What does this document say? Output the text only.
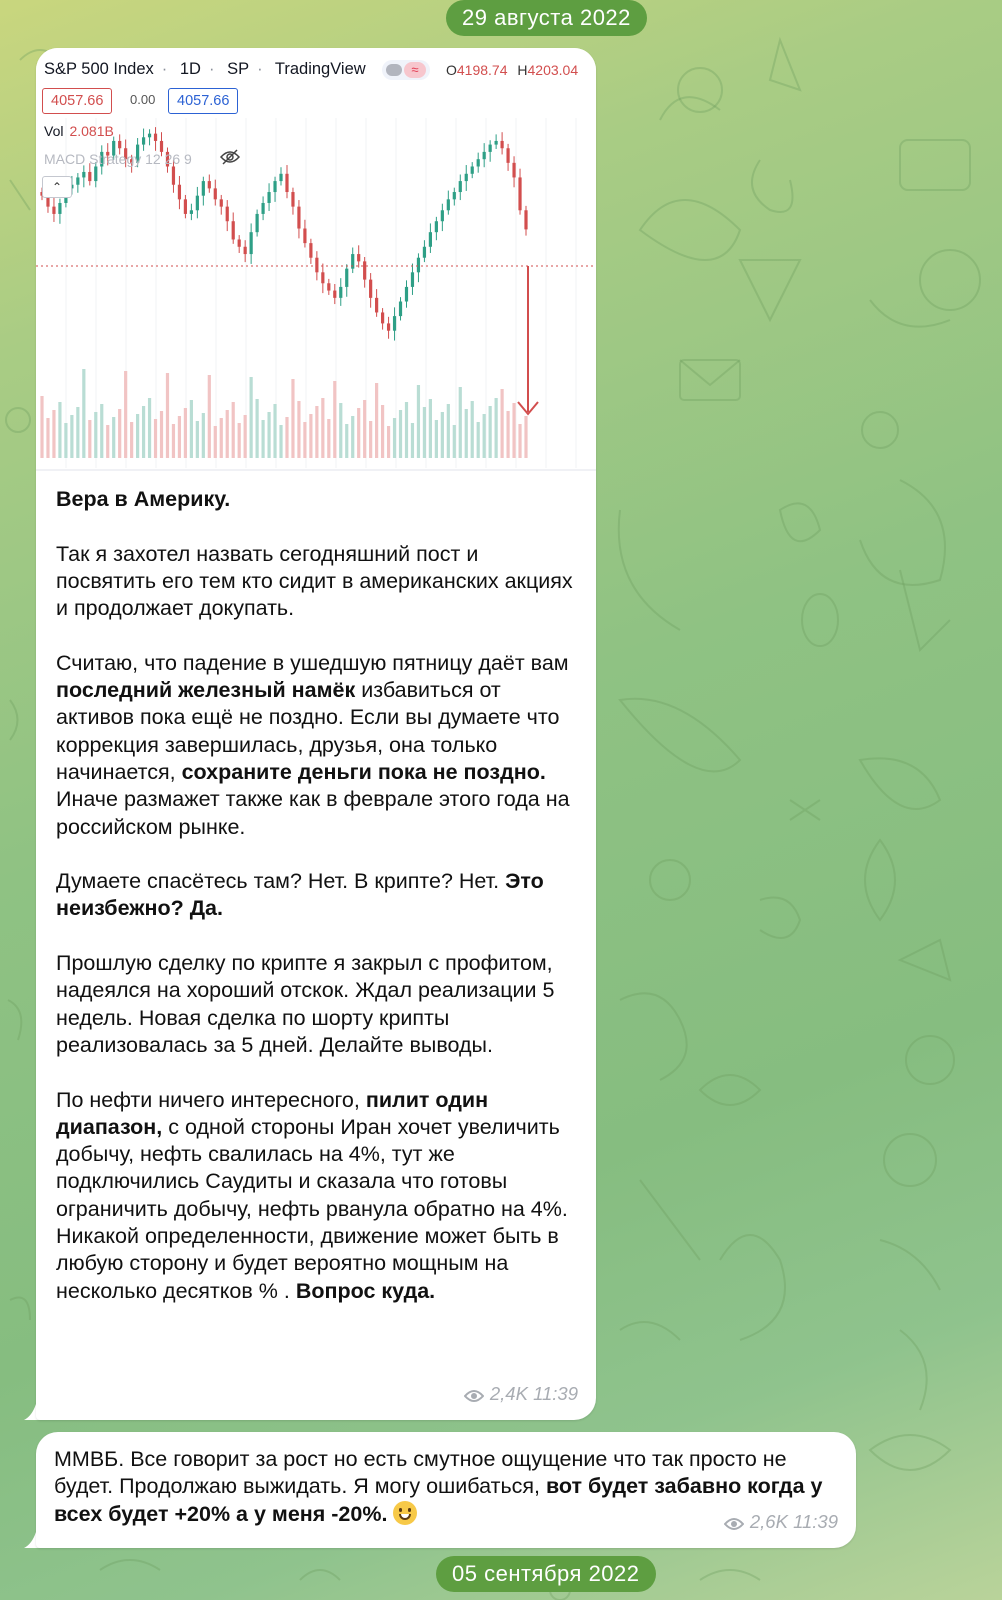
29 августа 2022
S&P 500 Index · 1D · SP · TradingView	≈	O4198.74 H4203.04
4057.66	0.00	4057.66
Vol 2.081B
MACD Strategy 12 26 9
⌃

Вера в Америку.

Так я захотел назвать сегодняшний пост и посвятить его тем кто сидит в американских акциях и продолжает докупать.

Считаю, что падение в ушедшую пятницу даёт вам последний железный намёк избавиться от активов пока ещё не поздно. Если вы думаете что коррекция завершилась, друзья, она только начинается, сохраните деньги пока не поздно. Иначе размажет также как в феврале этого года на российском рынке.

Думаете спасётесь там? Нет. В крипте? Нет. Это неизбежно? Да.

Прошлую сделку по крипте я закрыл с профитом, надеялся на хороший отскок. Ждал реализации 5 недель. Новая сделка по шорту крипты реализовалась за 5 дней. Делайте выводы.

По нефти ничего интересного, пилит один диапазон, с одной стороны Иран хочет увеличить добычу, нефть свалилась на 4%, тут же подключились Саудиты и сказала что готовы ограничить добычу, нефть рванула обратно на 4%. Никакой определенности, движение может быть в любую сторону и будет вероятно мощным на несколько десятков % . Вопрос куда.

2,4K 11:39
ММВБ. Все говорит за рост но есть смутное ощущение что так просто не будет. Продолжаю выжидать. Я могу ошибаться, вот будет забавно когда у всех будет +20% а у меня -20%.	2,6K 11:39
05 сентября 2022
